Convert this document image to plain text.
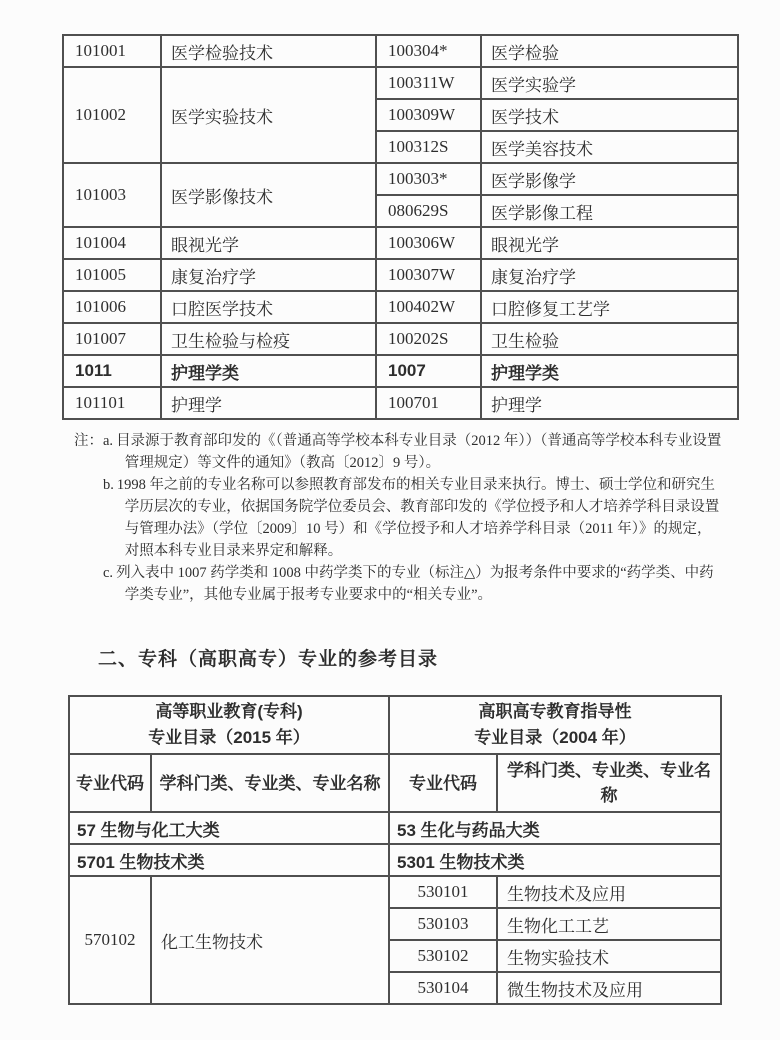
101001	医学检验技术	100304*	医学检验
101002	医学实验技术	100311W	医学实验学
		100309W	医学技术
		100312S	医学美容技术
101003	医学影像技术	100303*	医学影像学
		080629S	医学影像工程
101004	眼视光学	100306W	眼视光学
101005	康复治疗学	100307W	康复治疗学
101006	口腔医学技术	100402W	口腔修复工艺学
101007	卫生检验与检疫	100202S	卫生检验
1011	护理学类	1007	护理学类
101101	护理学	100701	护理学
注： a. 目录源于教育部印发的《（普通高等学校本科专业目录（2012 年））（普通高等学校本科专业设置管理规定）等文件的通知》（教高〔2012〕9 号）。
b. 1998 年之前的专业名称可以参照教育部发布的相关专业目录来执行。博士、硕士学位和研究生学历层次的专业，依据国务院学位委员会、教育部印发的《学位授予和人才培养学科目录设置与管理办法》（学位〔2009〕10 号）和《学位授予和人才培养学科目录（2011 年）》的规定，对照本科专业目录来界定和解释。
c. 列入表中 1007 药学类和 1008 中药学类下的专业（标注△）为报考条件中要求的“药学类、中药学类专业”，其他专业属于报考专业要求中的“相关专业”。
二、专科（高职高专）专业的参考目录
高等职业教育(专科)
专业目录（2015 年）

高职高专教育指导性
专业目录（2004 年）

专业代码	学科门类、专业类、专业名称	专业代码	学科门类、专业类、专业名称
57 生物与化工大类		53 生化与药品大类	
5701 生物技术类		5301 生物技术类	
570102	化工生物技术	530101	生物技术及应用
		530103	生物化工工艺
		530102	生物实验技术
		530104	微生物技术及应用
